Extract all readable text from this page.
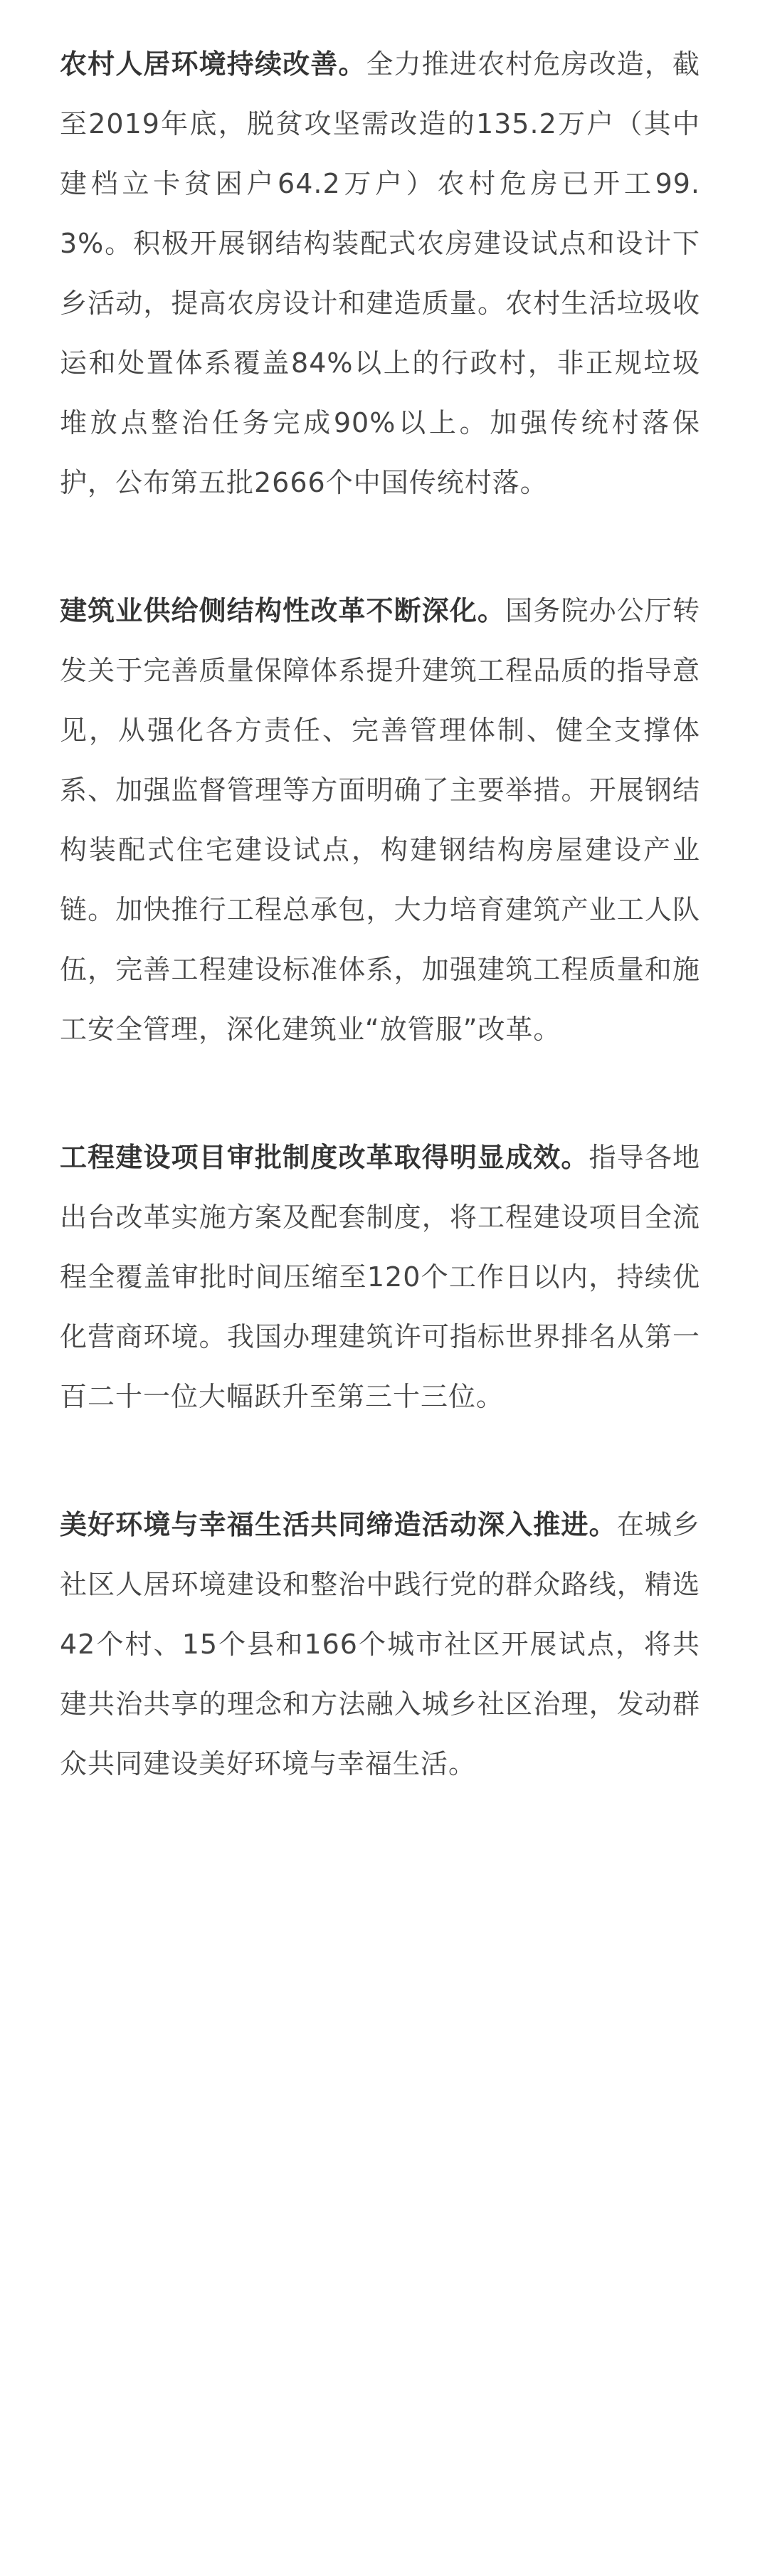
农村人居环境持续改善。全力推进农村危房改造，截至2019年底，脱贫攻坚需改造的135.2万户（其中建档立卡贫困户64.2万户）农村危房已开工99.3%。积极开展钢结构装配式农房建设试点和设计下乡活动，提高农房设计和建造质量。农村生活垃圾收运和处置体系覆盖84%以上的行政村，非正规垃圾堆放点整治任务完成90%以上。加强传统村落保护，公布第五批2666个中国传统村落。

建筑业供给侧结构性改革不断深化。国务院办公厅转发关于完善质量保障体系提升建筑工程品质的指导意见，从强化各方责任、完善管理体制、健全支撑体系、加强监督管理等方面明确了主要举措。开展钢结构装配式住宅建设试点，构建钢结构房屋建设产业链。加快推行工程总承包，大力培育建筑产业工人队伍，完善工程建设标准体系，加强建筑工程质量和施工安全管理，深化建筑业“放管服”改革。

工程建设项目审批制度改革取得明显成效。指导各地出台改革实施方案及配套制度，将工程建设项目全流程全覆盖审批时间压缩至120个工作日以内，持续优化营商环境。我国办理建筑许可指标世界排名从第一百二十一位大幅跃升至第三十三位。

美好环境与幸福生活共同缔造活动深入推进。在城乡社区人居环境建设和整治中践行党的群众路线，精选42个村、15个县和166个城市社区开展试点，将共建共治共享的理念和方法融入城乡社区治理，发动群众共同建设美好环境与幸福生活。
